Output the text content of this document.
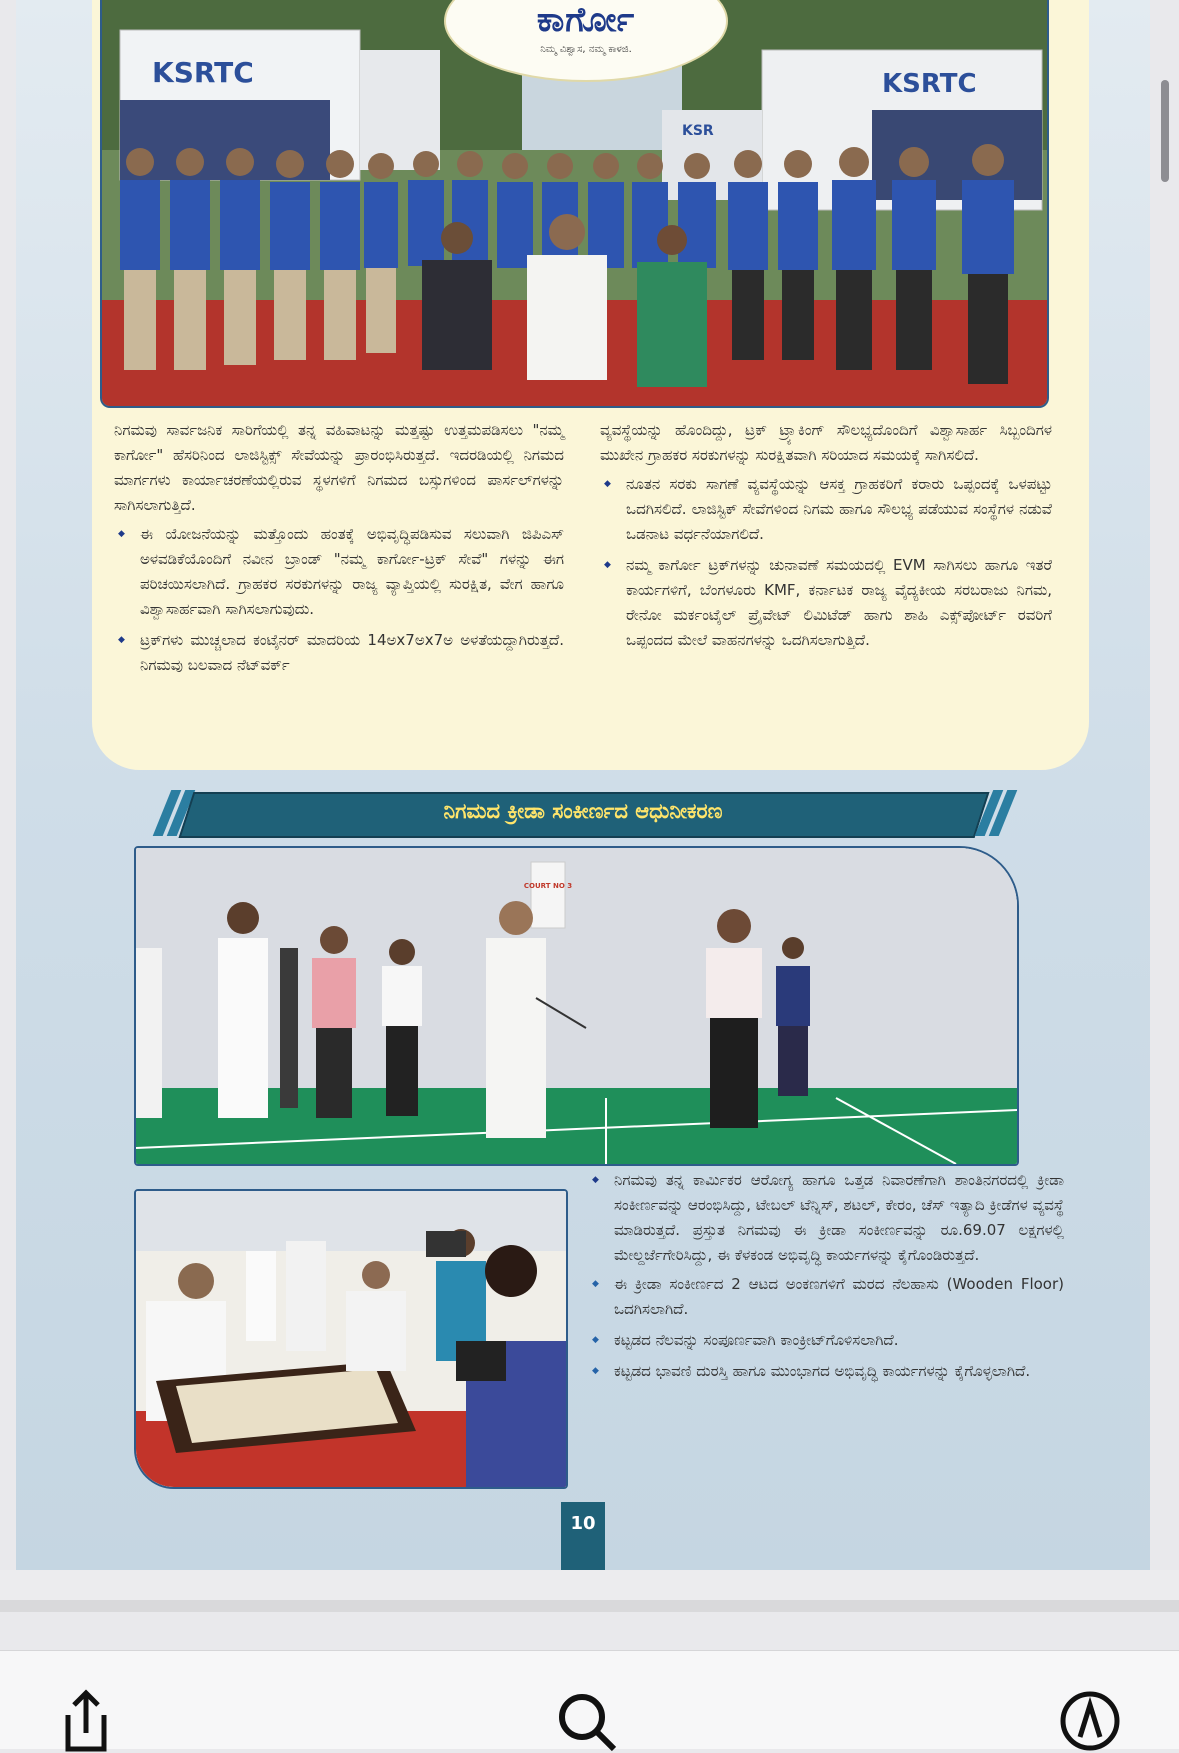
KSRTC	KSRTC
KSR
ಕಾರ್ಗೋ
ನಿಮ್ಮ ವಿಶ್ವಾಸ, ನಮ್ಮ ಕಾಳಜಿ.

ನಿಗಮವು ಸಾರ್ವಜನಿಕ ಸಾರಿಗೆಯಲ್ಲಿ ತನ್ನ ವಹಿವಾಟನ್ನು ಮತ್ತಷ್ಟು ಉತ್ತಮಪಡಿಸಲು "ನಮ್ಮ ಕಾರ್ಗೋ" ಹೆಸರಿನಿಂದ ಲಾಜಿಸ್ಟಿಕ್ಸ್ ಸೇವೆಯನ್ನು ಪ್ರಾರಂಭಿಸಿರುತ್ತದೆ. ಇದರಡಿಯಲ್ಲಿ ನಿಗಮದ ಮಾರ್ಗಗಳು ಕಾರ್ಯಾಚರಣೆಯಲ್ಲಿರುವ ಸ್ಥಳಗಳಿಗೆ ನಿಗಮದ ಬಸ್ಸುಗಳಿಂದ ಪಾರ್ಸಲ್‌ಗಳನ್ನು ಸಾಗಿಸಲಾಗುತ್ತಿದೆ.

◆ ಈ ಯೋಜನೆಯನ್ನು ಮತ್ತೊಂದು ಹಂತಕ್ಕೆ ಅಭಿವೃದ್ಧಿಪಡಿಸುವ ಸಲುವಾಗಿ ಜಿಪಿಎಸ್ ಅಳವಡಿಕೆಯೊಂದಿಗೆ ನವೀನ ಬ್ರಾಂಡ್ "ನಮ್ಮ ಕಾರ್ಗೋ-ಟ್ರಕ್ ಸೇವೆ" ಗಳನ್ನು ಈಗ ಪರಿಚಯಿಸಲಾಗಿದೆ. ಗ್ರಾಹಕರ ಸರಕುಗಳನ್ನು ರಾಜ್ಯ ವ್ಯಾಪ್ತಿಯಲ್ಲಿ ಸುರಕ್ಷಿತ, ವೇಗ ಹಾಗೂ ವಿಶ್ವಾಸಾರ್ಹವಾಗಿ ಸಾಗಿಸಲಾಗುವುದು.
◆ ಟ್ರಕ್‌ಗಳು ಮುಚ್ಚಲಾದ ಕಂಟೈನರ್ ಮಾದರಿಯ 14ಅx7ಅx7ಅ ಅಳತೆಯದ್ದಾಗಿರುತ್ತದೆ. ನಿಗಮವು ಬಲವಾದ ನೆಟ್‌ವರ್ಕ್

ವ್ಯವಸ್ಥೆಯನ್ನು ಹೊಂದಿದ್ದು, ಟ್ರಕ್ ಟ್ರ್ಯಾಕಿಂಗ್ ಸೌಲಭ್ಯದೊಂದಿಗೆ ವಿಶ್ವಾಸಾರ್ಹ ಸಿಬ್ಬಂದಿಗಳ ಮುಖೇನ ಗ್ರಾಹಕರ ಸರಕುಗಳನ್ನು ಸುರಕ್ಷಿತವಾಗಿ ಸರಿಯಾದ ಸಮಯಕ್ಕೆ ಸಾಗಿಸಲಿದೆ.

◆ ನೂತನ ಸರಕು ಸಾಗಣೆ ವ್ಯವಸ್ಥೆಯನ್ನು ಆಸಕ್ತ ಗ್ರಾಹಕರಿಗೆ ಕರಾರು ಒಪ್ಪಂದಕ್ಕೆ ಒಳಪಟ್ಟು ಒದಗಿಸಲಿದೆ. ಲಾಜಿಸ್ಟಿಕ್ ಸೇವೆಗಳಿಂದ ನಿಗಮ ಹಾಗೂ ಸೌಲಭ್ಯ ಪಡೆಯುವ ಸಂಸ್ಥೆಗಳ ನಡುವೆ ಒಡನಾಟ ವರ್ಧನೆಯಾಗಲಿದೆ.
◆ ನಮ್ಮ ಕಾರ್ಗೋ ಟ್ರಕ್‌ಗಳನ್ನು ಚುನಾವಣೆ ಸಮಯದಲ್ಲಿ EVM ಸಾಗಿಸಲು ಹಾಗೂ ಇತರೆ ಕಾರ್ಯಗಳಿಗೆ, ಬೆಂಗಳೂರು KMF, ಕರ್ನಾಟಕ ರಾಜ್ಯ ವೈದ್ಯಕೀಯ ಸರಬರಾಜು ನಿಗಮ, ರೇನೋ ಮರ್ಕಂಟೈಲ್ ಪ್ರೈವೇಟ್ ಲಿಮಿಟೆಡ್ ಹಾಗು ಶಾಹಿ ಎಕ್ಸ್‌ಪೋರ್ಟ್ ರವರಿಗೆ ಒಪ್ಪಂದದ ಮೇಲೆ ವಾಹನಗಳನ್ನು ಒದಗಿಸಲಾಗುತ್ತಿದೆ.
ನಿಗಮದ ಕ್ರೀಡಾ ಸಂಕೀರ್ಣದ ಆಧುನೀಕರಣ
COURT NO 3

◆ ನಿಗಮವು ತನ್ನ ಕಾರ್ಮಿಕರ ಆರೋಗ್ಯ ಹಾಗೂ ಒತ್ತಡ ನಿವಾರಣೆಗಾಗಿ ಶಾಂತಿನಗರದಲ್ಲಿ ಕ್ರೀಡಾ ಸಂಕೀರ್ಣವನ್ನು ಆರಂಭಿಸಿದ್ದು, ಟೇಬಲ್ ಟೆನ್ನಿಸ್, ಶಟಲ್, ಕೇರಂ, ಚೆಸ್ ಇತ್ಯಾದಿ ಕ್ರೀಡೆಗಳ ವ್ಯವಸ್ಥೆ ಮಾಡಿರುತ್ತದೆ. ಪ್ರಸ್ತುತ ನಿಗಮವು ಈ ಕ್ರೀಡಾ ಸಂಕೀರ್ಣವನ್ನು ರೂ.69.07 ಲಕ್ಷಗಳಲ್ಲಿ ಮೇಲ್ದರ್ಜೆಗೇರಿಸಿದ್ದು, ಈ ಕೆಳಕಂಡ ಅಭಿವೃದ್ಧಿ ಕಾರ್ಯಗಳನ್ನು ಕೈಗೊಂಡಿರುತ್ತದೆ.

◆ ಈ ಕ್ರೀಡಾ ಸಂಕೀರ್ಣದ 2 ಆಟದ ಅಂಕಣಗಳಿಗೆ ಮರದ ನೆಲಹಾಸು (Wooden Floor) ಒದಗಿಸಲಾಗಿದೆ.
◆ ಕಟ್ಟಡದ ನೆಲವನ್ನು ಸಂಪೂರ್ಣವಾಗಿ ಕಾಂಕ್ರೀಟ್‌ಗೊಳಿಸಲಾಗಿದೆ.
◆ ಕಟ್ಟಡದ ಭಾವಣಿ ದುರಸ್ತಿ ಹಾಗೂ ಮುಂಭಾಗದ ಅಭಿವೃದ್ಧಿ ಕಾರ್ಯಗಳನ್ನು ಕೈಗೊಳ್ಳಲಾಗಿದೆ.
10
